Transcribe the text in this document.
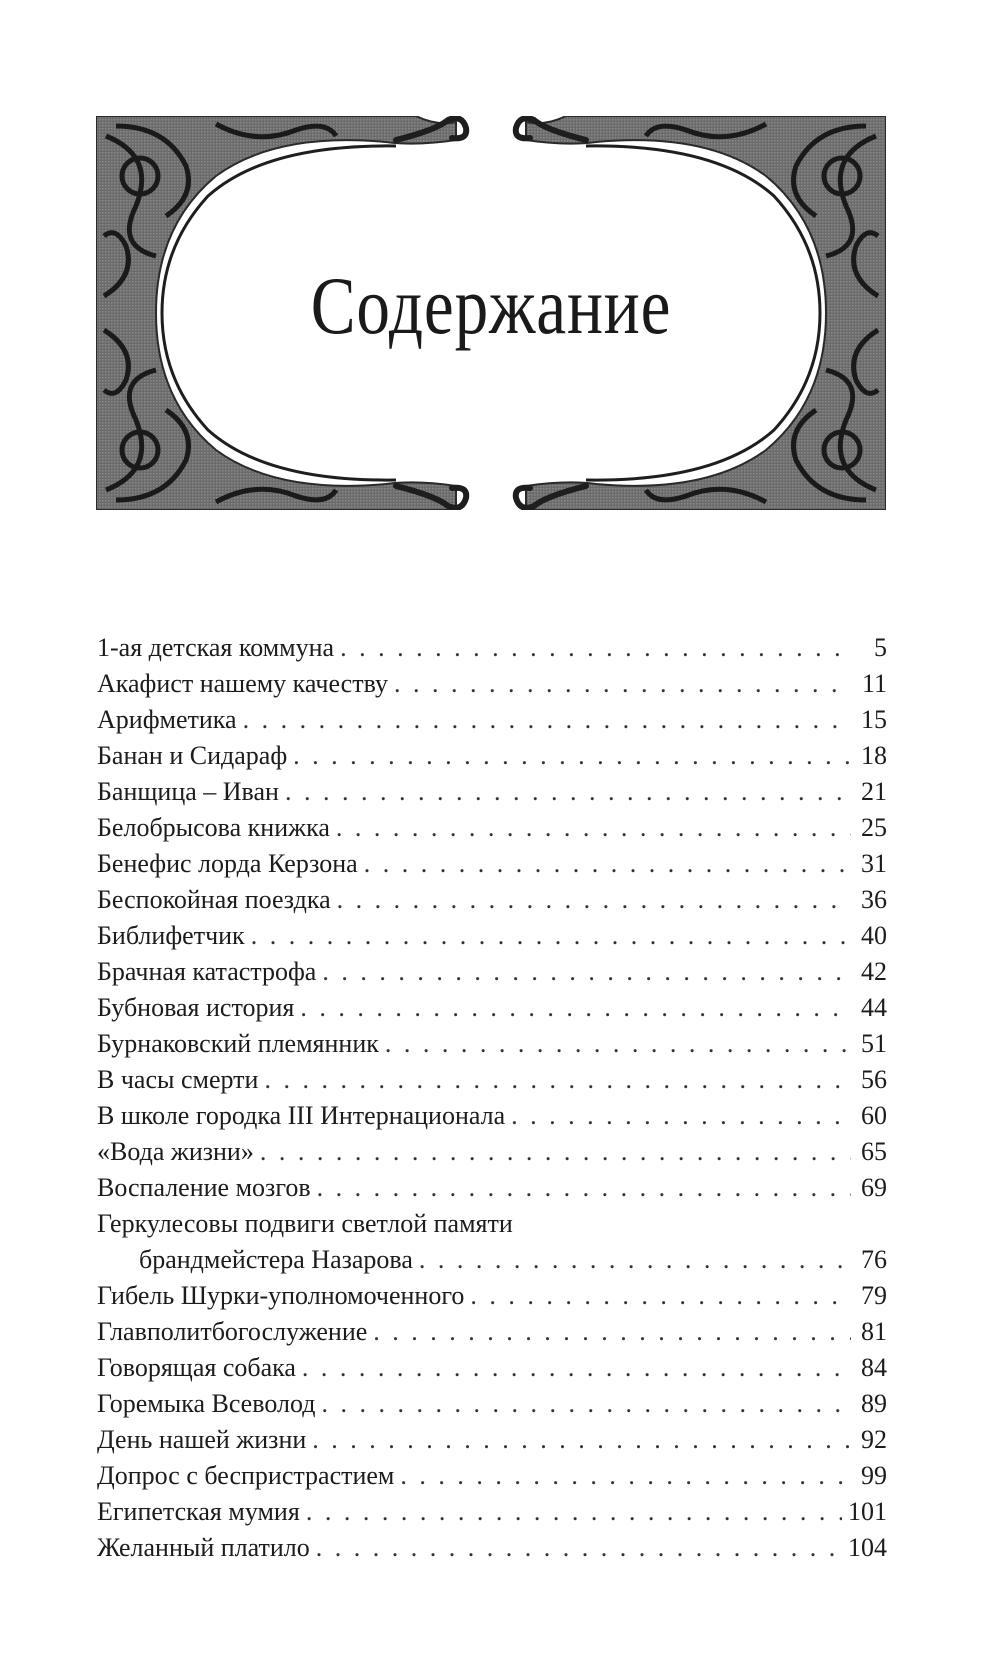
Содержание
1-ая детская коммуна . . .	5
Акафист нашему качеству . . .	11
Арифметика . . .	15
Банан и Сидараф . . .	18
Банщица – Иван . . .	21
Белобрысова книжка . . .	25
Бенефис лорда Керзона . . .	31
Беспокойная поездка . . .	36
Библифетчик . . .	40
Брачная катастрофа . . .	42
Бубновая история . . .	44
Бурнаковский племянник . . .	51
В часы смерти . . .	56
В школе городка III Интернационала . . .	60
«Вода жизни» . . .	65
Воспаление мозгов . . .	69
Геркулесовы подвиги светлой памяти
брандмейстера Назарова . . .	76
Гибель Шурки-уполномоченного . . .	79
Главполитбогослужение . . .	81
Говорящая собака . . .	84
Горемыка Всеволод . . .	89
День нашей жизни . . .	92
Допрос с беспристрастием . . .	99
Египетская мумия . . .	101
Желанный платило . . .	104
